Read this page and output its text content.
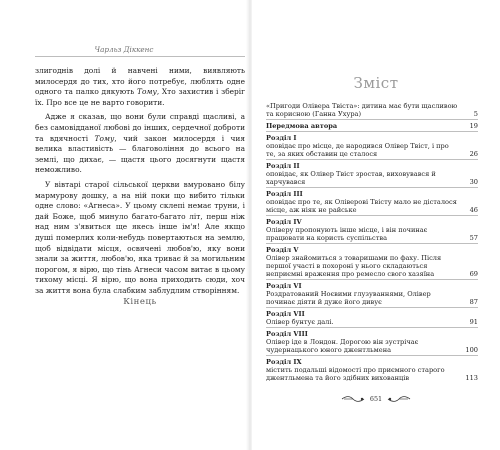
Чарльз Діккенс

злигоднів долі й навчені ними, виявляють милосердя до тих, хто його потребує, люблять одне одного та палко дякують Тому, Хто захистив і зберіг їх. Про все це не варто говорити.

Адже я сказав, що вони були справді щасливі, а без самовідданої любові до інших, сердечної доброти та вдячності Тому, чий закон милосердя і чия велика властивість — благовоління до всього на землі, що дихає, — щастя цього досягнути щастя неможливо.

У вівтарі старої сільської церкви вмуровано білу мармурову дошку, а на ній поки що вибито тільки одне слово: «Агнеса». У цьому склепі немає труни, і дай Боже, щоб минуло багато-багато літ, перш ніж над ним з'явиться ще якесь інше ім'я! Але якщо душі померлих коли-небудь повертаються на землю, щоб відвідати місця, освячені любов'ю, яку вони знали за життя, любов'ю, яка триває й за могильним порогом, я вірю, що тінь Агнеси часом витає в цьому тихому місці. Я вірю, що вона приходить сюди, хоч за життя вона була слабким заблудлим створінням.

Кінець
Зміст
«Пригоди Олівера Твіста»: дитина має бути щасливою та корисною (Ганна Ухура)	5
Передмова автора	19
Розділ I
оповідає про місце, де народився Олівер Твіст, і про те, за яких обставин це сталося	26
Розділ II
оповідає, як Олівер Твіст зростав, виховувався й харчувався	30
Розділ III
оповідає про те, як Оліверові Твісту мало не дісталося місце, аж ніяк не райське	46
Розділ IV
Оліверу пропонують інше місце, і він починає працювати на користь суспільства	57
Розділ V
Олівер знайомиться з товаришами по фаху. Після першої участі в похороні у нього складаються неприємні враження про ремесло свого хазяїна	69
Розділ VI
Роздратований Ноєвими глузуваннями, Олівер починає діяти й дуже його дивує	87
Розділ VII
Олівер бунтує далі.	91
Розділ VIII
Олівер іде в Лондон. Дорогою він зустрічає чудернацького юного джентльмена	100
Розділ IX
містить подальші відомості про приємного старого джентльмена та його здібних вихованців	113
651
